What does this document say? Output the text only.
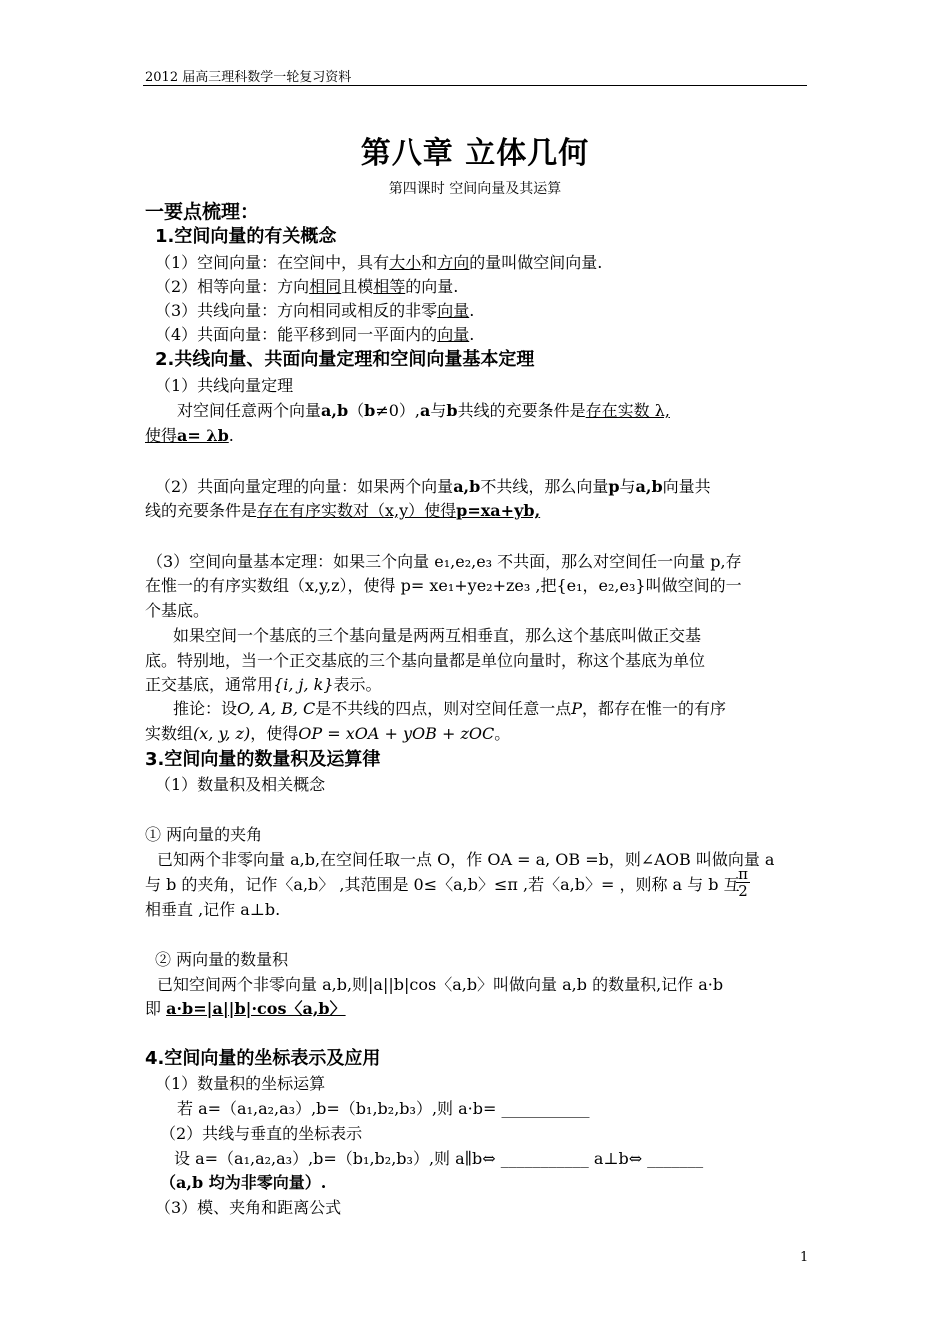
2012 届高三理科数学一轮复习资料
第八章 立体几何
第四课时 空间向量及其运算
一要点梳理：
1.空间向量的有关概念
（1）空间向量：在空间中，具有大小和方向的量叫做空间向量.
（2）相等向量：方向相同且模相等的向量.
（3）共线向量：方向相同或相反的非零向量.
（4）共面向量：能平移到同一平面内的向量.
2.共线向量、共面向量定理和空间向量基本定理
（1）共线向量定理
对空间任意两个向量a,b（b≠0）,a与b共线的充要条件是存在实数 λ,
使得a= λb.
（2）共面向量定理的向量：如果两个向量a,b不共线，那么向量p与a,b向量共
线的充要条件是存在有序实数对（x,y）使得p=xa+yb,
（3）空间向量基本定理：如果三个向量 e₁,e₂,e₃ 不共面，那么对空间任一向量 p,存
在惟一的有序实数组（x,y,z），使得 p= xe₁+ye₂+ze₃ ,把{e₁，e₂,e₃}叫做空间的一
个基底。
如果空间一个基底的三个基向量是两两互相垂直，那么这个基底叫做正交基
底。特别地，当一个正交基底的三个基向量都是单位向量时，称这个基底为单位
正交基底，通常用{i, j, k}表示。
推论：设O, A, B, C是不共线的四点，则对空间任意一点P，都存在惟一的有序
实数组(x, y, z)，使得OP = xOA + yOB + zOC。
3.空间向量的数量积及运算律
（1）数量积及相关概念
① 两向量的夹角
已知两个非零向量 a,b,在空间任取一点 O，作 OA = a, OB =b，则∠AOB 叫做向量 a
与 b 的夹角，记作〈a,b〉 ,其范围是 0≤〈a,b〉≤π ,若〈a,b〉= ，则称 a 与 b 互
相垂直 ,记作 a⊥b.
$\frac{\pi}{2}$
② 两向量的数量积
已知空间两个非零向量 a,b,则|a||b|cos〈a,b〉叫做向量 a,b 的数量积,记作 a·b
即 a·b=|a||b|·cos〈a,b〉
4.空间向量的坐标表示及应用
（1）数量积的坐标运算
若 a=（a₁,a₂,a₃）,b=（b₁,b₂,b₃）,则 a·b= ___________
（2）共线与垂直的坐标表示
设 a=（a₁,a₂,a₃）,b=（b₁,b₂,b₃）,则 a∥b⇔ ___________ a⊥b⇔ _______
（a,b 均为非零向量）.
（3）模、夹角和距离公式
1
